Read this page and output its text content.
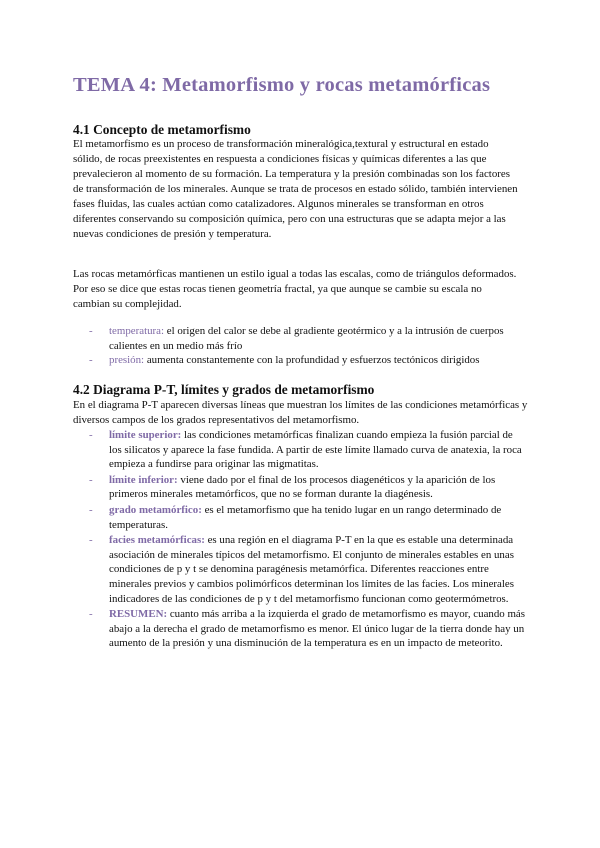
TEMA 4: Metamorfismo y rocas metamórficas
4.1 Concepto de metamorfismo

El metamorfismo es un proceso de transformación mineralógica,textural y estructural en estado sólido, de rocas preexistentes en respuesta a condiciones físicas y químicas diferentes a las que prevalecieron al momento de su formación. La temperatura y la presión combinadas son los factores de transformación de los minerales. Aunque se trata de procesos en estado sólido, también intervienen fases fluidas, las cuales actúan como catalizadores. Algunos minerales se transforman en otros diferentes conservando su composición química, pero con una estructuras que se adapta mejor a las nuevas condiciones de presión y temperatura.

Las rocas metamórficas mantienen un estilo igual a todas las escalas, como de triángulos deformados. Por eso se dice que estas rocas tienen geometría fractal, ya que aunque se cambie su escala no cambian su complejidad.

- temperatura: el origen del calor se debe al gradiente geotérmico y a la intrusión de cuerpos calientes en un medio más frío
- presión: aumenta constantemente con la profundidad y esfuerzos tectónicos dirigidos
4.2 Diagrama P-T, límites y grados de metamorfismo

En el diagrama P-T aparecen diversas líneas que muestran los límites de las condiciones metamórficas y diversos campos de los grados representativos del metamorfismo.

- límite superior: las condiciones metamórficas finalizan cuando empieza la fusión parcial de los silicatos y aparece la fase fundida. A partir de este límite llamado curva de anatexia, la roca empieza a fundirse para originar las migmatitas.
- límite inferior: viene dado por el final de los procesos diagenéticos y la aparición de los primeros minerales metamórficos, que no se forman durante la diagénesis.
- grado metamórfico: es el metamorfismo que ha tenido lugar en un rango determinado de temperaturas.
- facies metamórficas: es una región en el diagrama P-T en la que es estable una determinada asociación de minerales típicos del metamorfismo. El conjunto de minerales estables en unas condiciones de p y t se denomina paragénesis metamórfica. Diferentes reacciones entre minerales previos y cambios polimórficos determinan los límites de las facies. Los minerales indicadores de las condiciones de p y t del metamorfismo funcionan como geotermómetros.
- RESUMEN: cuanto más arriba a la izquierda el grado de metamorfismo es mayor, cuando más abajo a la derecha el grado de metamorfismo es menor. El único lugar de la tierra donde hay un aumento de la presión y una disminución de la temperatura es en un impacto de meteorito.
